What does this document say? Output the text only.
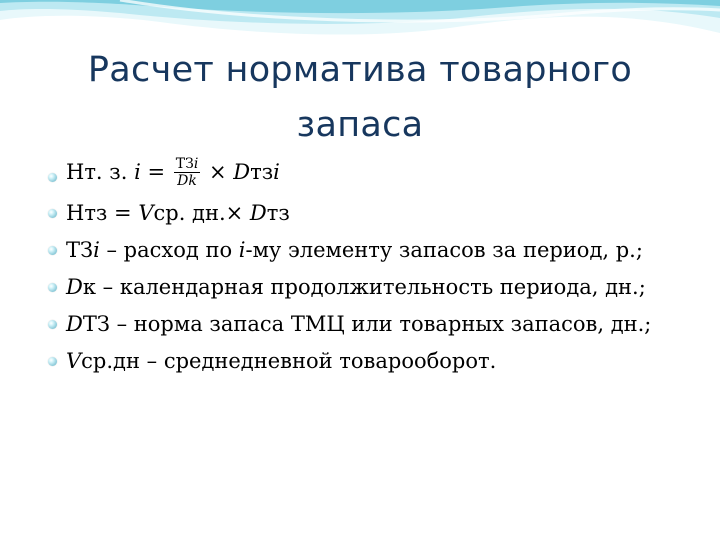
Расчет норматива товарного запаса
Нт. з. 𝑖 = $\frac{\text{ТЗ𝑖}}{\text{𝐷𝑘}}$ × 𝐷тз𝑖
Нтз = 𝑉ср. дн.× 𝐷тз
ТЗ𝑖 – расход по 𝑖-му элементу запасов за период, р.;
𝐷к – календарная продолжительность периода, дн.;
𝐷ТЗ – норма запаса ТМЦ или товарных запасов, дн.;
𝑉ср.дн – среднедневной товарооборот.
